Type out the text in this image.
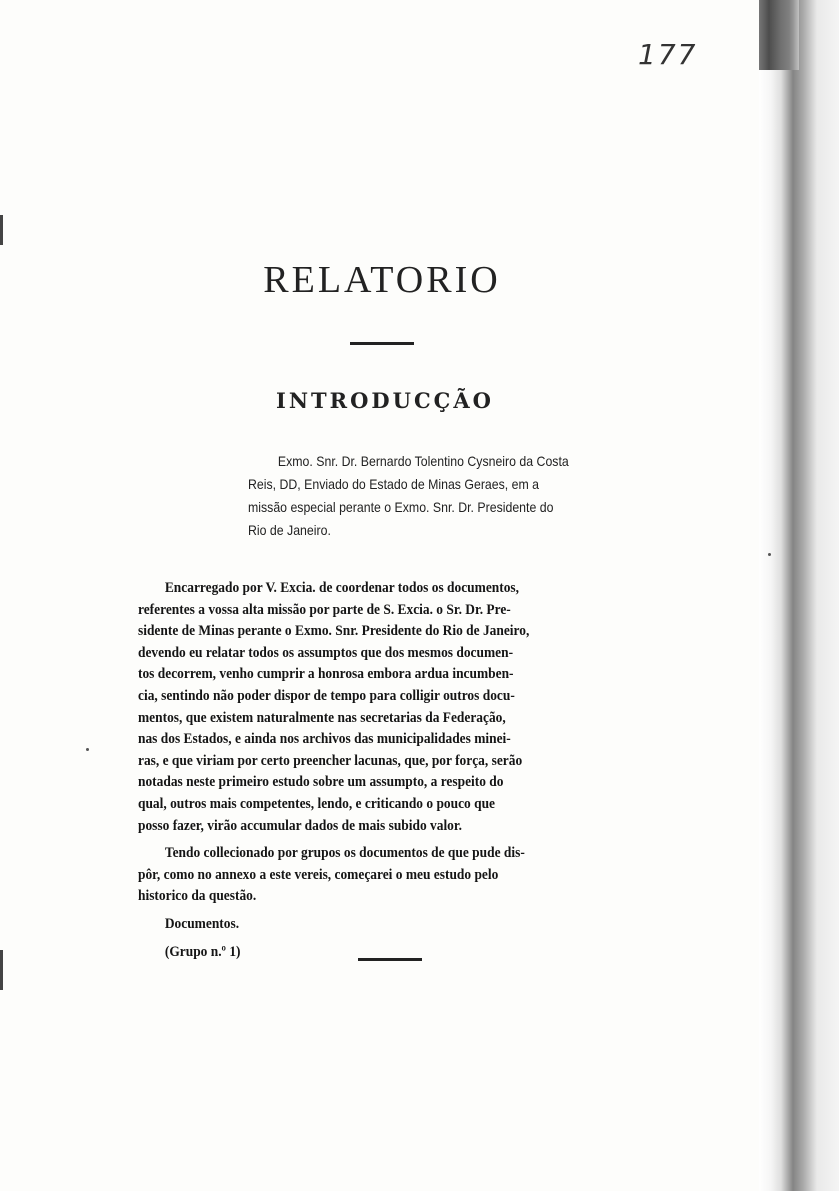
177
RELATORIO
INTRODUCÇÃO

Exmo. Snr. Dr. Bernardo Tolentino Cysneiro da Costa

Reis, DD, Enviado do Estado de Minas Geraes, em a

missão especial perante o Exmo. Snr. Dr. Presidente do

Rio de Janeiro.

Encarregado por V. Excia. de coordenar todos os documentos,
referentes a vossa alta missão por parte de S. Excia. o Sr. Dr. Pre-
sidente de Minas perante o Exmo. Snr. Presidente do Rio de Janeiro,
devendo eu relatar todos os assumptos que dos mesmos documen-
tos decorrem, venho cumprir a honrosa embora ardua incumben-
cia, sentindo não poder dispor de tempo para colligir outros docu-
mentos, que existem naturalmente nas secretarias da Federação,
nas dos Estados, e ainda nos archivos das municipalidades minei-
ras, e que viriam por certo preencher lacunas, que, por força, serão
notadas neste primeiro estudo sobre um assumpto, a respeito do
qual, outros mais competentes, lendo, e criticando o pouco que
posso fazer, virão accumular dados de mais subido valor.
Tendo collecionado por grupos os documentos de que pude dis-
pôr, como no annexo a este vereis, começarei o meu estudo pelo
historico da questão.
Documentos.
(Grupo n.º 1)
